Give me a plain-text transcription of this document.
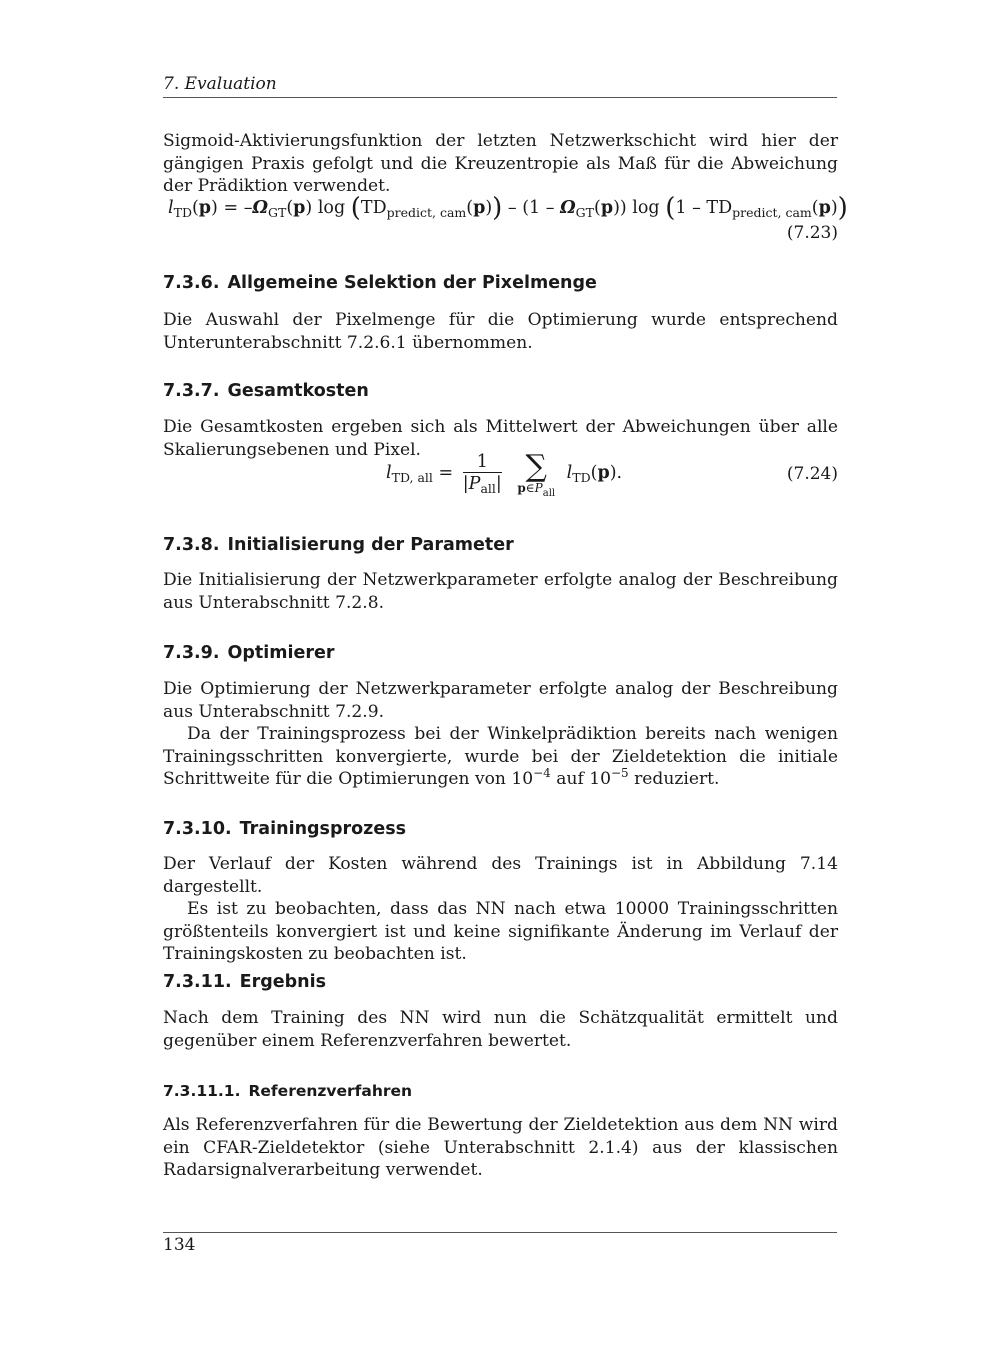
7. Evaluation

Sigmoid-Aktivierungsfunktion der letzten Netzwerkschicht wird hier der gängigen Praxis gefolgt und die Kreuzentropie als Maß für die Abweichung der Prädiktion verwendet.

$l_{TD}(p) = -\Omega_{GT}(p)$ $\log (TD_{predict, cam}(p)) - (1 - \Omega_{GT}(p))$ $\log (1 - TD_{predict, cam}(p))$
(7.23)
7.3.6. Allgemeine Selektion der Pixelmenge

Die Auswahl der Pixelmenge für die Optimierung wurde entsprechend Unterunterabschnitt 7.2.6.1 übernommen.

7.3.7. Gesamtkosten

Die Gesamtkosten ergeben sich als Mittelwert der Abweichungen über alle Skalierungsebenen und Pixel.

$l_{TD, all} = \frac{1}{|P_{all}|}$
∑
$p\in P_{all}$
$l_{TD}(p)$.	(7.24)
7.3.8. Initialisierung der Parameter

Die Initialisierung der Netzwerkparameter erfolgte analog der Beschreibung aus Unterabschnitt 7.2.8.

7.3.9. Optimierer

Die Optimierung der Netzwerkparameter erfolgte analog der Beschreibung aus Unterabschnitt 7.2.9.

Da der Trainingsprozess bei der Winkelprädiktion bereits nach wenigen Trainingsschritten konvergierte, wurde bei der Zieldetektion die initiale Schrittweite für die Optimierungen von $10^{-4}$ auf $10^{-5}$ reduziert.

7.3.10. Trainingsprozess

Der Verlauf der Kosten während des Trainings ist in Abbildung 7.14 dargestellt.

Es ist zu beobachten, dass das NN nach etwa 10000 Trainingsschritten größtenteils konvergiert ist und keine signifikante Änderung im Verlauf der Trainingskosten zu beobachten ist.

7.3.11. Ergebnis

Nach dem Training des NN wird nun die Schätzqualität ermittelt und gegenüber einem Referenzverfahren bewertet.

7.3.11.1. Referenzverfahren

Als Referenzverfahren für die Bewertung der Zieldetektion aus dem NN wird ein CFAR-Zieldetektor (siehe Unterabschnitt 2.1.4) aus der klassischen Radarsignalverarbeitung verwendet.

134
